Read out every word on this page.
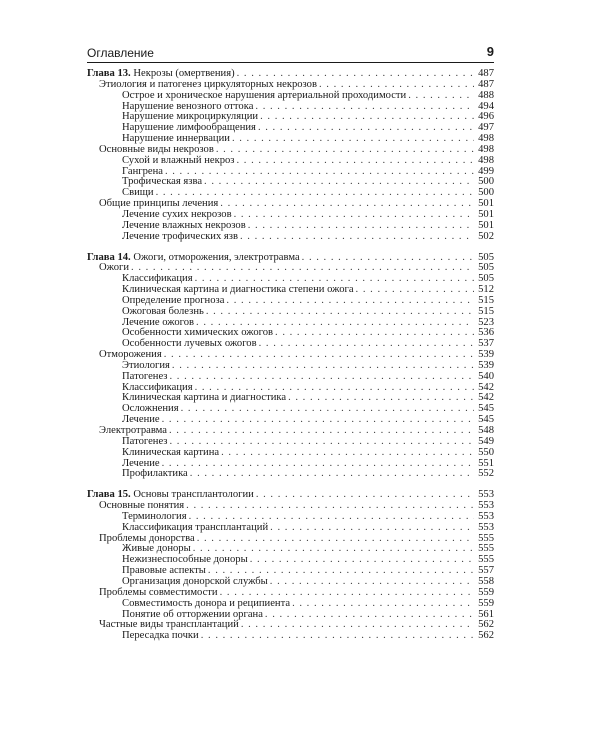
Оглавление	9
Глава 13. Некрозы (омертвения) . . .	487
Этиология и патогенез циркуляторных некрозов . . .	487
Острое и хроническое нарушения артериальной проходимости . . .	488
Нарушение венозного оттока . . .	494
Нарушение микроциркуляции . . .	496
Нарушение лимфообращения . . .	497
Нарушение иннервации . . .	498
Основные виды некрозов . . .	498
Сухой и влажный некроз . . .	498
Гангрена . . .	499
Трофическая язва . . .	500
Свищи . . .	500
Общие принципы лечения . . .	501
Лечение сухих некрозов . . .	501
Лечение влажных некрозов . . .	501
Лечение трофических язв . . .	502
Глава 14. Ожоги, отморожения, электротравма . . .	505
Ожоги . . .	505
Классификация . . .	505
Клиническая картина и диагностика степени ожога . . .	512
Определение прогноза . . .	515
Ожоговая болезнь . . .	515
Лечение ожогов . . .	523
Особенности химических ожогов . . .	536
Особенности лучевых ожогов . . .	537
Отморожения . . .	539
Этиология . . .	539
Патогенез . . .	540
Классификация . . .	542
Клиническая картина и диагностика . . .	542
Осложнения . . .	545
Лечение . . .	545
Электротравма . . .	548
Патогенез . . .	549
Клиническая картина . . .	550
Лечение . . .	551
Профилактика . . .	552
Глава 15. Основы трансплантологии . . .	553
Основные понятия . . .	553
Терминология . . .	553
Классификация трансплантаций . . .	553
Проблемы донорства . . .	555
Живые доноры . . .	555
Нежизнеспособные доноры . . .	555
Правовые аспекты . . .	557
Организация донорской службы . . .	558
Проблемы совместимости . . .	559
Совместимость донора и реципиента . . .	559
Понятие об отторжении органа . . .	561
Частные виды трансплантаций . . .	562
Пересадка почки . . .	562
